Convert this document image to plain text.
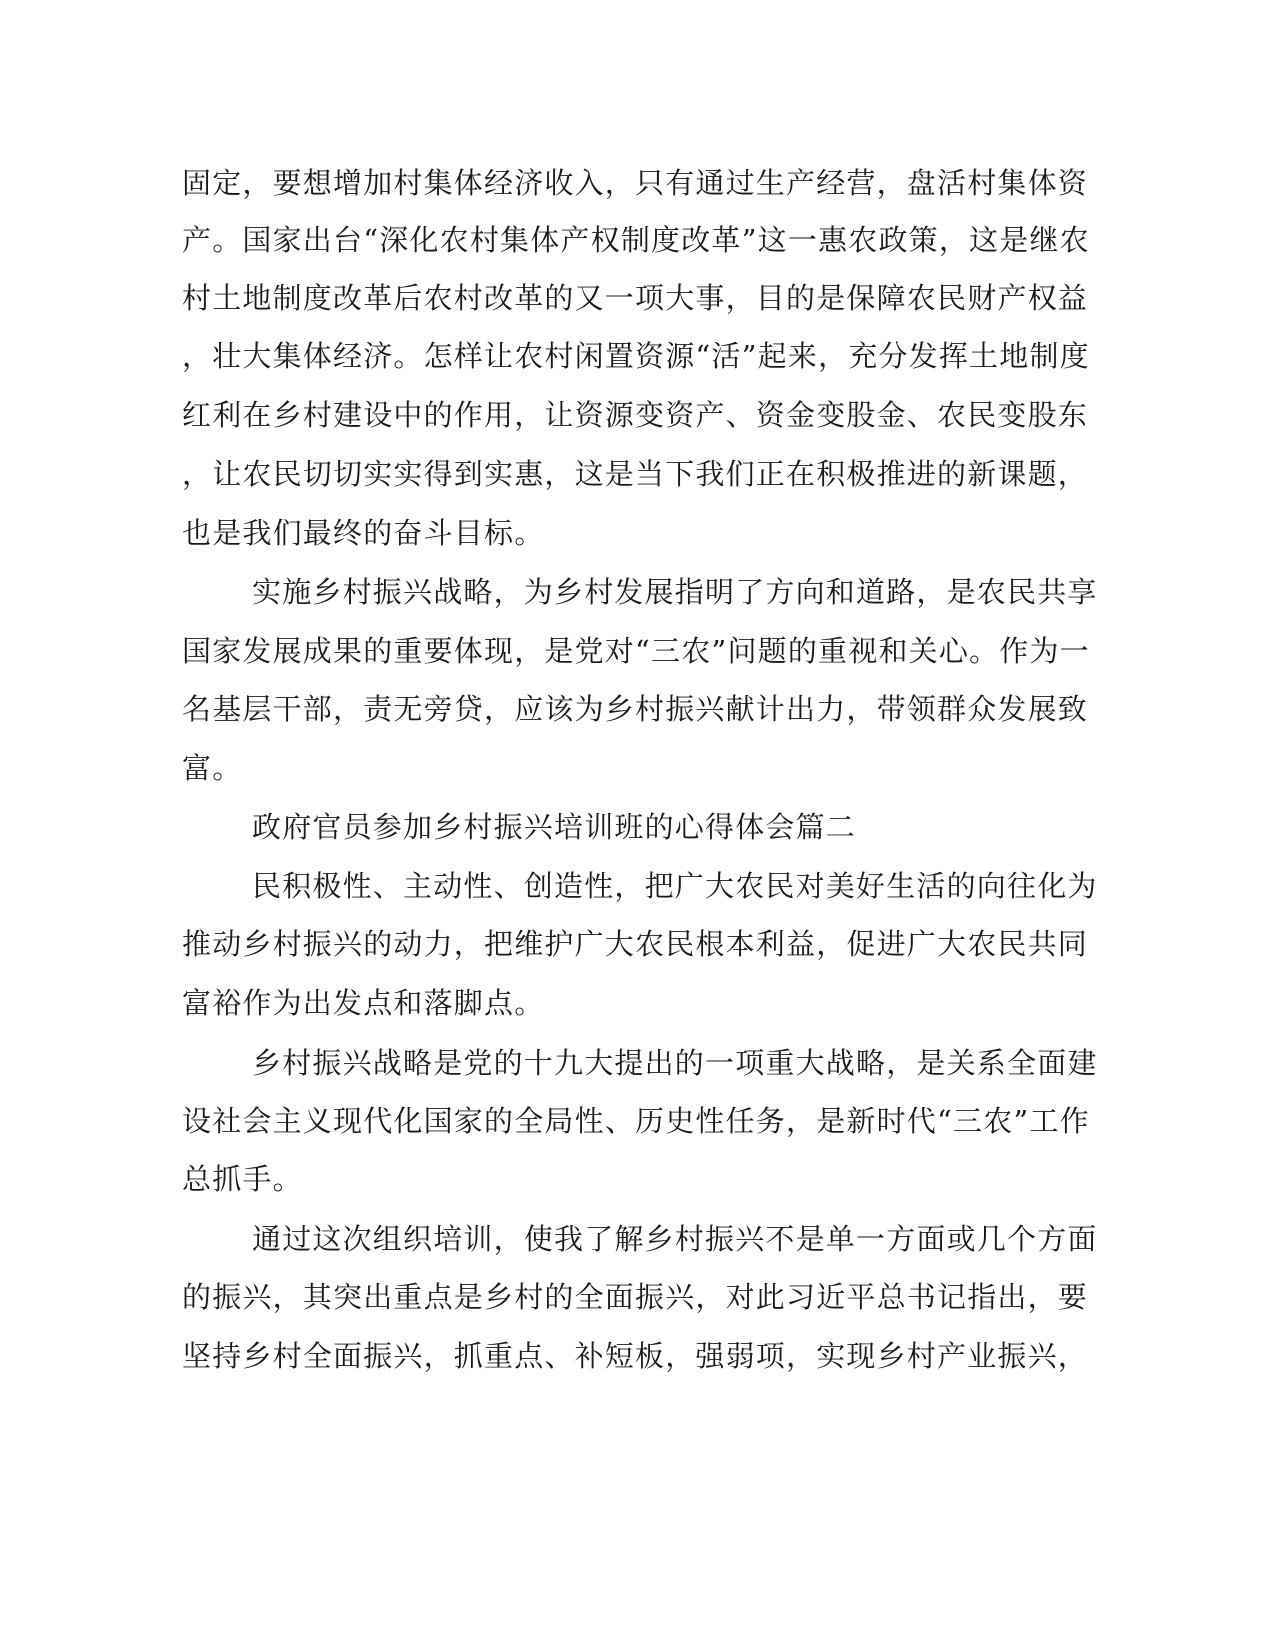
固定，要想增加村集体经济收入，只有通过生产经营，盘活村集体资
产。国家出台“深化农村集体产权制度改革”这一惠农政策，这是继农
村土地制度改革后农村改革的又一项大事，目的是保障农民财产权益
，壮大集体经济。怎样让农村闲置资源“活”起来，充分发挥土地制度
红利在乡村建设中的作用，让资源变资产、资金变股金、农民变股东
，让农民切切实实得到实惠，这是当下我们正在积极推进的新课题，
也是我们最终的奋斗目标。
实施乡村振兴战略，为乡村发展指明了方向和道路，是农民共享
国家发展成果的重要体现，是党对“三农”问题的重视和关心。作为一
名基层干部，责无旁贷，应该为乡村振兴献计出力，带领群众发展致
富。
政府官员参加乡村振兴培训班的心得体会篇二
民积极性、主动性、创造性，把广大农民对美好生活的向往化为
推动乡村振兴的动力，把维护广大农民根本利益，促进广大农民共同
富裕作为出发点和落脚点。
乡村振兴战略是党的十九大提出的一项重大战略，是关系全面建
设社会主义现代化国家的全局性、历史性任务，是新时代“三农”工作
总抓手。
通过这次组织培训，使我了解乡村振兴不是单一方面或几个方面
的振兴，其突出重点是乡村的全面振兴，对此习近平总书记指出，要
坚持乡村全面振兴，抓重点、补短板，强弱项，实现乡村产业振兴，
